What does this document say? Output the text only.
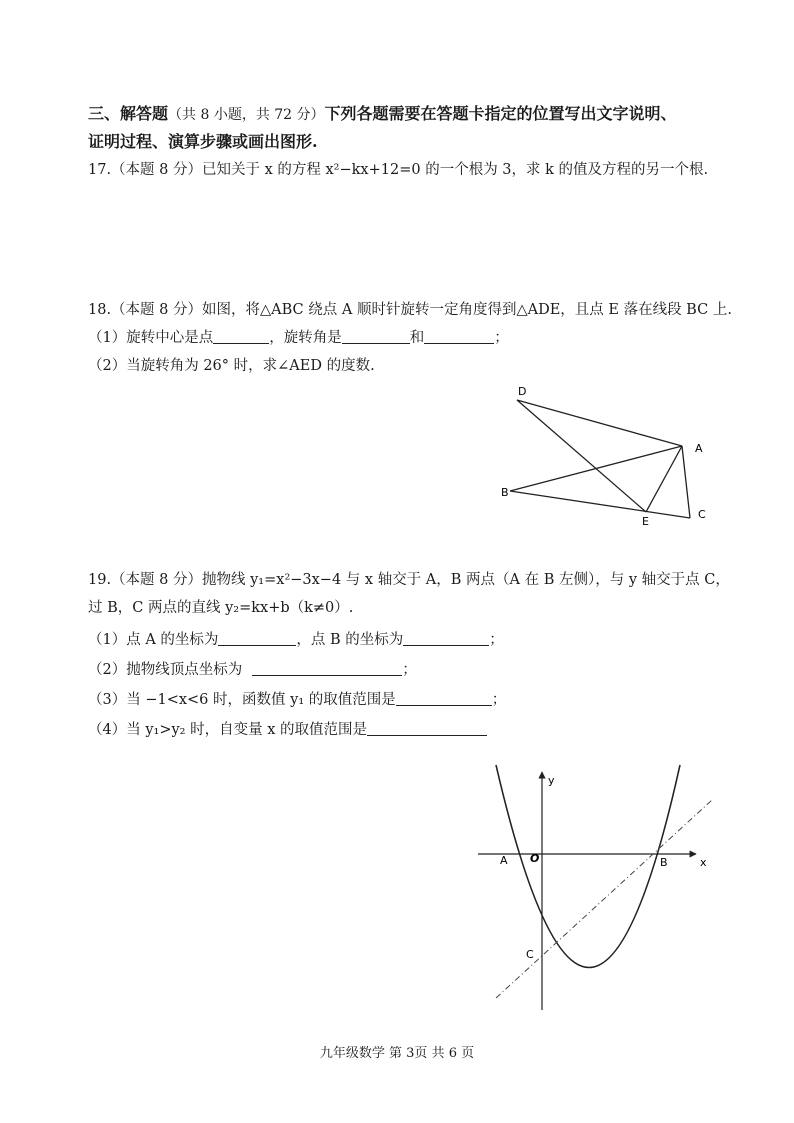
三、解答题（共 8 小题，共 72 分）下列各题需要在答题卡指定的位置写出文字说明、
证明过程、演算步骤或画出图形.
17.（本题 8 分）已知关于 x 的方程 x²−kx+12=0 的一个根为 3，求 k 的值及方程的另一个根.
18.（本题 8 分）如图，将△ABC 绕点 A 顺时针旋转一定角度得到△ADE，且点 E 落在线段 BC 上.
（1）旋转中心是点	，旋转角是	和	；
（2）当旋转角为 26° 时，求∠AED 的度数.
D
A
B
E
C
19.（本题 8 分）抛物线 y₁=x²−3x−4 与 x 轴交于 A，B 两点（A 在 B 左侧），与 y 轴交于点 C，
过 B，C 两点的直线 y₂=kx+b（k≠0）.
（1）点 A 的坐标为	，点 B 的坐标为	；
（2）抛物线顶点坐标为	；
（3）当 −1<x<6 时，函数值 y₁ 的取值范围是	；
（4）当 y₁>y₂ 时，自变量 x 的取值范围是
y
x
O
A	B
C
九年级数学 第 3页 共 6 页
